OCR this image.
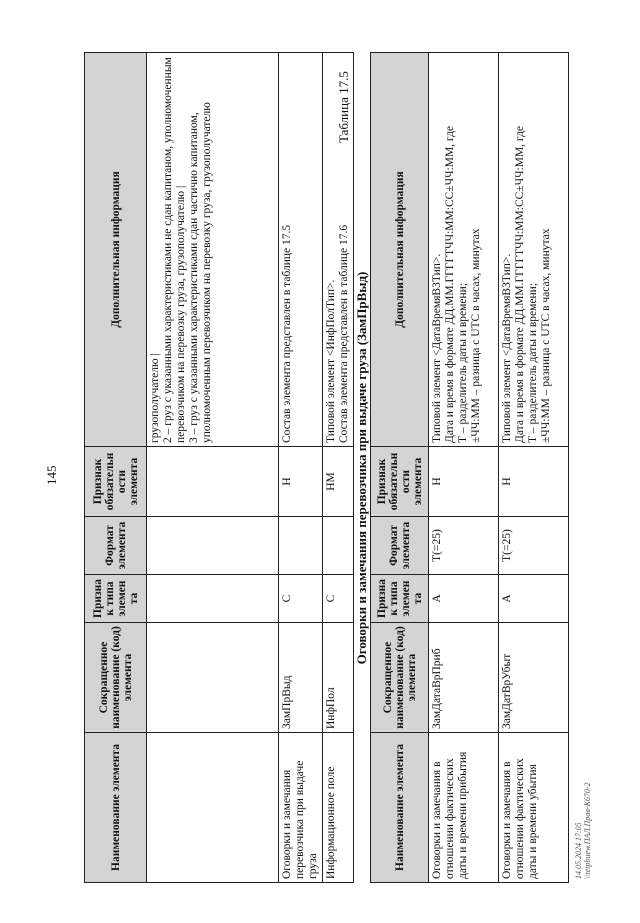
145
Наименование элемента	Сокращенное наименование (код) элемента	Признак типа элемента	Формат элемента	Признак обязательности элемента	Дополнительная информация

					грузополучателю | 2 – груз с указанными характеристиками не сдан капитаном, уполномоченным перевозчиком на перевозку груза, грузополучателю | 3 – груз с указанными характеристиками сдан частично капитаном, уполномоченным перевозчиком на перевозку груза, грузополучателю

Оговорки и замечания перевозчика при выдаче груза	ЗамПрВыд	С		Н	Состав элемента представлен в таблице 17.5

Информационное поле	ИнфПол	С		НМ	Типовой элемент <ИнфПолТип>. Состав элемента представлен в таблице 17.6
Таблица 17.5
Оговорки и замечания перевозчика при выдаче груза (ЗамПрВыд)
Наименование элемента	Сокращенное наименование (код) элемента	Признак типа элемента	Формат элемента	Признак обязательности элемента	Дополнительная информация
Оговорки и замечания в отношении фактических даты и времени прибытия	ЗамДатаВрПриб	А	T(=25)	Н	Типовой элемент <ДатаВремяВЗТип>. Дата и время в формате ДД.ММ.ГГГГТЧЧ:ММ:СС±ЧЧ:ММ, где Т – разделитель даты и времени; ±ЧЧ:ММ – разница с UTC в часах, минутах

Оговорки и замечания в отношении фактических даты и времени убытия	ЗамДатВрУбыт	А	T(=25)	Н	Типовой элемент <ДатаВремяВЗТип>. Дата и время в формате ДД.ММ.ГГГГТЧЧ:ММ:СС±ЧЧ:ММ, где Т – разделитель даты и времени; ±ЧЧ:ММ – разница с UTC в часах, минутах
14.05.2024 17:05 \\tetpbuew.ПАЛ.Прав-К670-2
